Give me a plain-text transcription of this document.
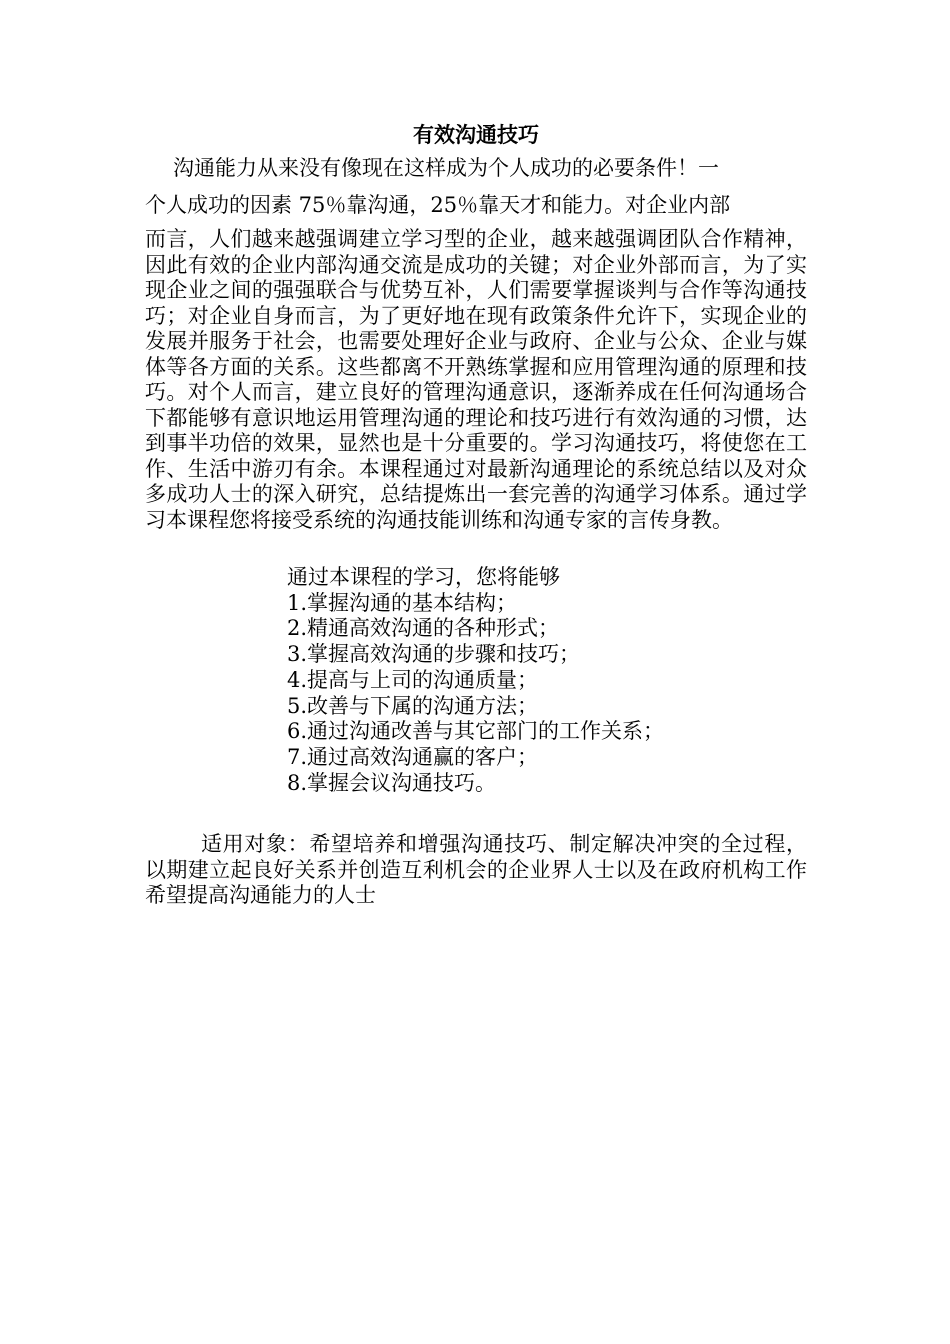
有效沟通技巧
沟通能力从来没有像现在这样成为个人成功的必要条件！一
个人成功的因素 75％靠沟通，25％靠天才和能力。对企业内部
而言，人们越来越强调建立学习型的企业，越来越强调团队合作精神，因此有效的企业内部沟通交流是成功的关键；对企业外部而言，为了实现企业之间的强强联合与优势互补，人们需要掌握谈判与合作等沟通技巧；对企业自身而言，为了更好地在现有政策条件允许下，实现企业的发展并服务于社会，也需要处理好企业与政府、企业与公众、企业与媒体等各方面的关系。这些都离不开熟练掌握和应用管理沟通的原理和技巧。对个人而言，建立良好的管理沟通意识，逐渐养成在任何沟通场合下都能够有意识地运用管理沟通的理论和技巧进行有效沟通的习惯，达到事半功倍的效果，显然也是十分重要的。学习沟通技巧，将使您在工作、生活中游刃有余。本课程通过对最新沟通理论的系统总结以及对众多成功人士的深入研究，总结提炼出一套完善的沟通学习体系。通过学习本课程您将接受系统的沟通技能训练和沟通专家的言传身教。
通过本课程的学习，您将能够
1.掌握沟通的基本结构；
2.精通高效沟通的各种形式；
3.掌握高效沟通的步骤和技巧；
4.提高与上司的沟通质量；
5.改善与下属的沟通方法；
6.通过沟通改善与其它部门的工作关系；
7.通过高效沟通赢的客户；
8.掌握会议沟通技巧。

适用对象：希望培养和增强沟通技巧、制定解决冲突的全过程，以期建立起良好关系并创造互利机会的企业界人士以及在政府机构工作希望提高沟通能力的人士
